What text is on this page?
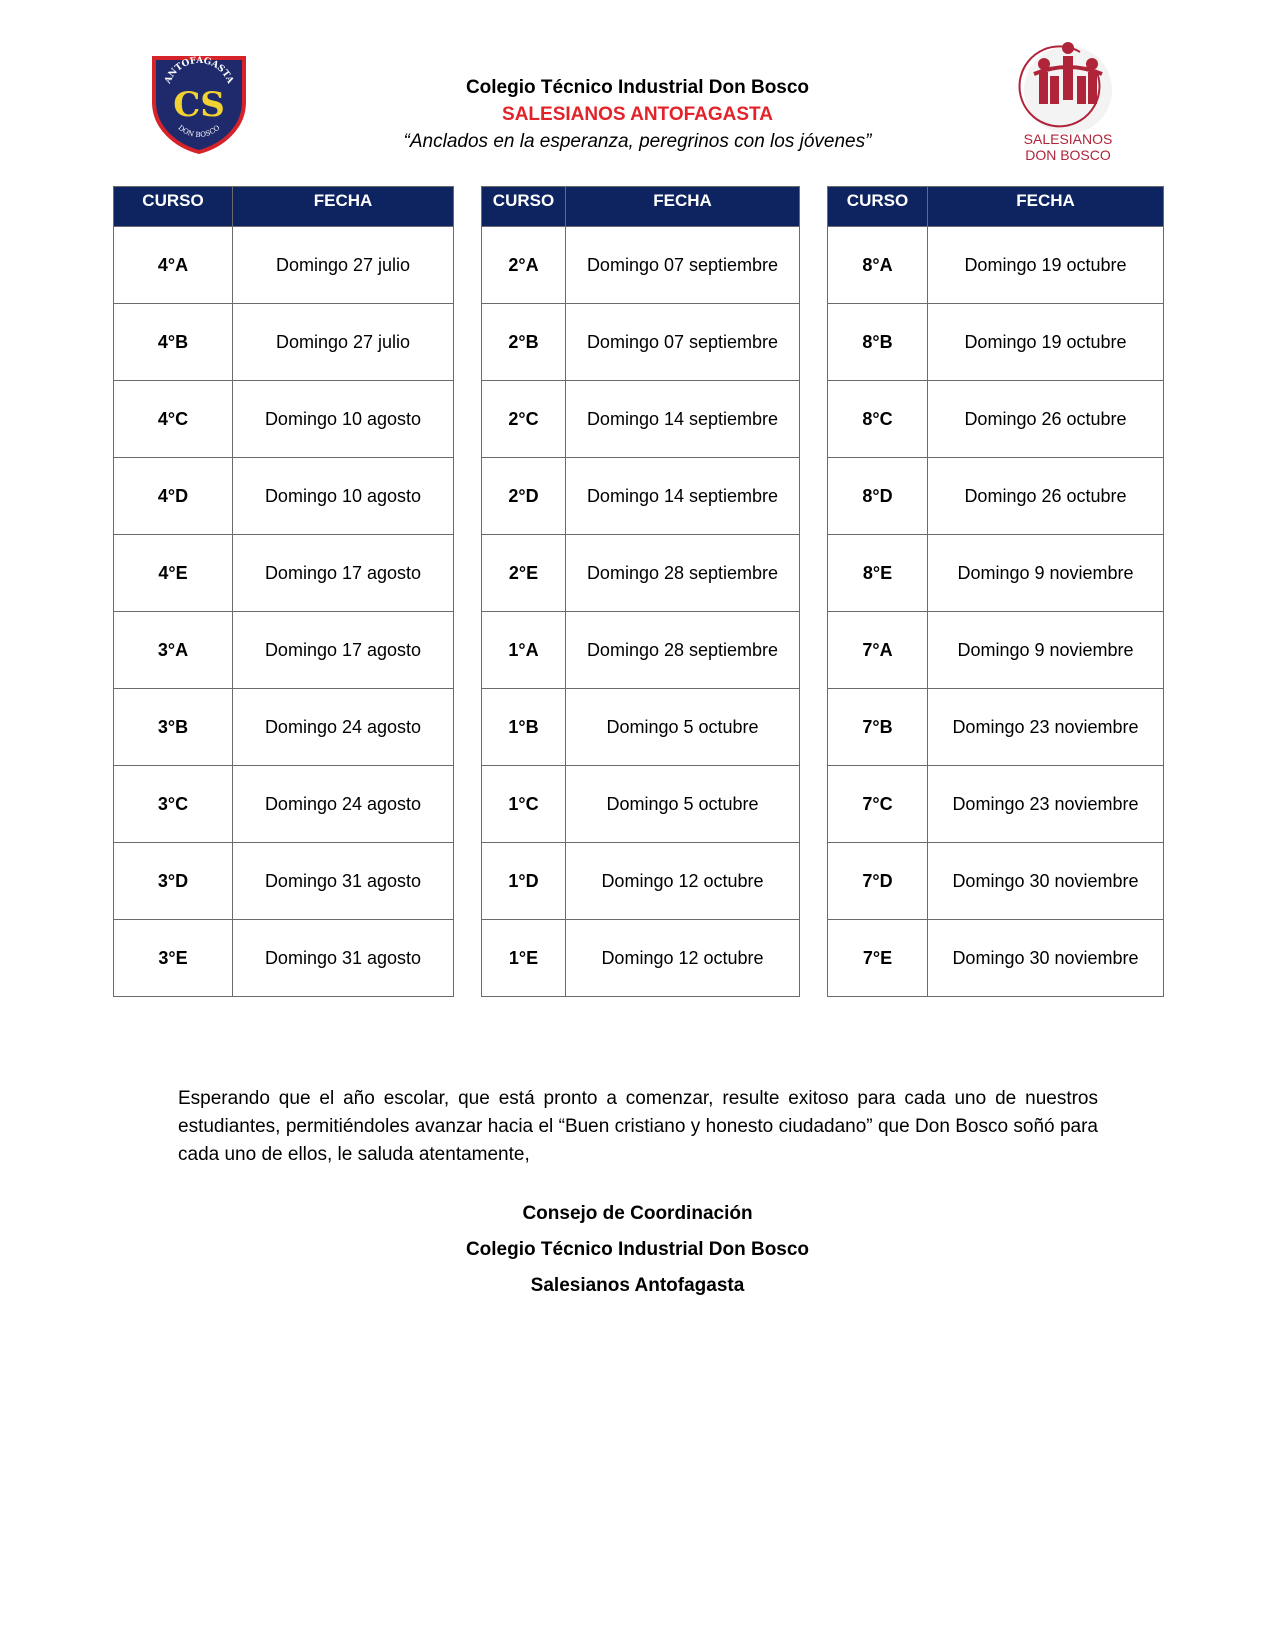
ANTOFAGASTA
CS
DON BOSCO
Colegio Técnico Industrial Don Bosco
SALESIANOS ANTOFAGASTA
“Anclados en la esperanza, peregrinos con los jóvenes”	SALESIANOS
DON BOSCO
CURSO	FECHA
4°A	Domingo 27 julio
4°B	Domingo 27 julio
4°C	Domingo 10 agosto
4°D	Domingo 10 agosto
4°E	Domingo 17 agosto
3°A	Domingo 17 agosto
3°B	Domingo 24 agosto
3°C	Domingo 24 agosto
3°D	Domingo 31 agosto
3°E	Domingo 31 agosto
CURSO	FECHA
2°A	Domingo 07 septiembre
2°B	Domingo 07 septiembre
2°C	Domingo 14 septiembre
2°D	Domingo 14 septiembre
2°E	Domingo 28 septiembre
1°A	Domingo 28 septiembre
1°B	Domingo 5 octubre
1°C	Domingo 5 octubre
1°D	Domingo 12 octubre
1°E	Domingo 12 octubre
CURSO	FECHA
8°A	Domingo 19 octubre
8°B	Domingo 19 octubre
8°C	Domingo 26 octubre
8°D	Domingo 26 octubre
8°E	Domingo 9 noviembre
7°A	Domingo 9 noviembre
7°B	Domingo 23 noviembre
7°C	Domingo 23 noviembre
7°D	Domingo 30 noviembre
7°E	Domingo 30 noviembre

Esperando que el año escolar, que está pronto a comenzar, resulte exitoso para cada uno de nuestros estudiantes, permitiéndoles avanzar hacia el “Buen cristiano y honesto ciudadano” que Don Bosco soñó para cada uno de ellos, le saluda atentamente,

Consejo de Coordinación
Colegio Técnico Industrial Don Bosco
Salesianos Antofagasta
